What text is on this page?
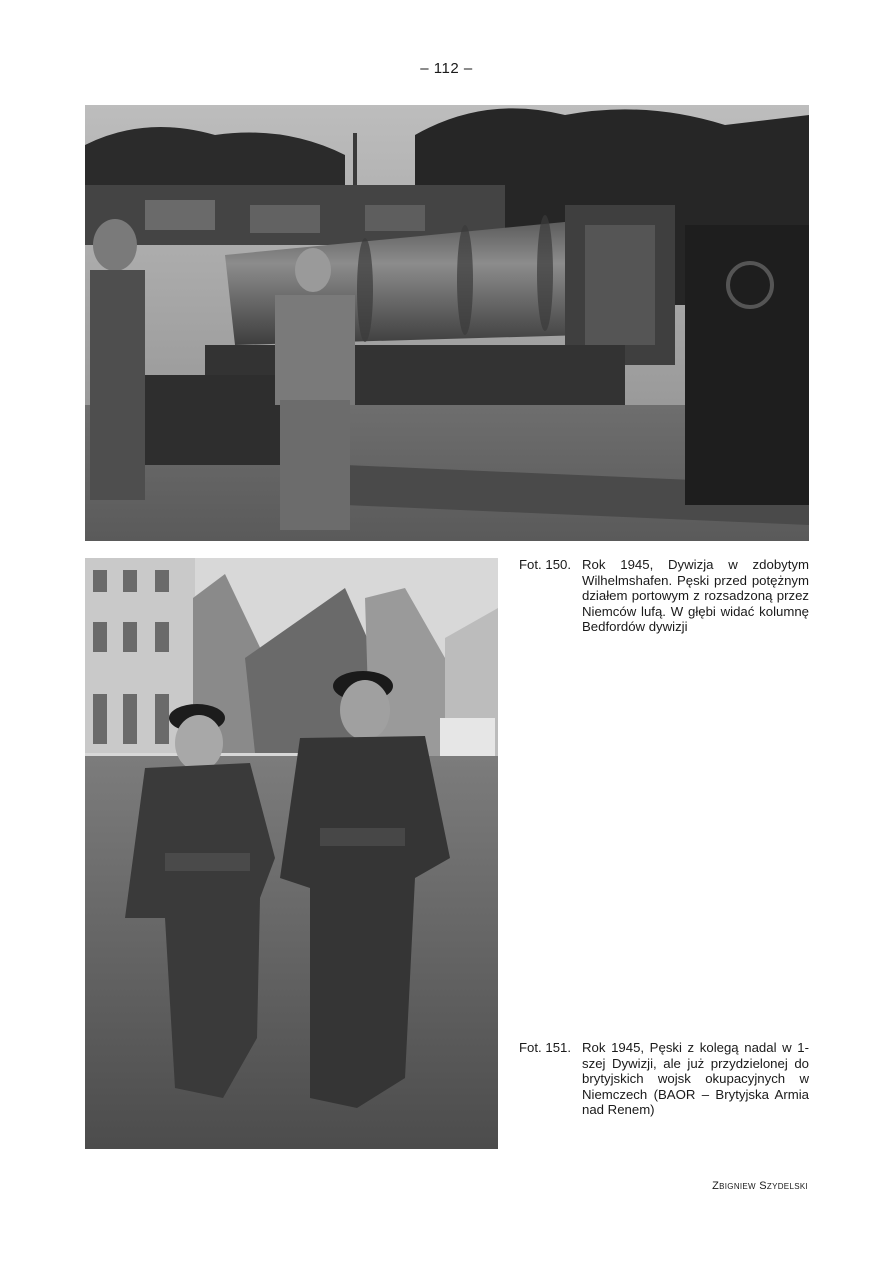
– 112 –
Fot. 150. Rok 1945, Dywizja w zdobytym Wilhelmshafen. Pęski przed potężnym działem portowym z rozsadzoną przez Niemców lufą. W głębi widać kolumnę Bedfordów dywizji
Fot. 151. Rok 1945, Pęski z kolegą nadal w 1-szej Dywizji, ale już przydzielonej do brytyjskich wojsk okupacyjnych w Niemczech (BAOR – Brytyjska Armia nad Renem)
Zbigniew Szydelski
